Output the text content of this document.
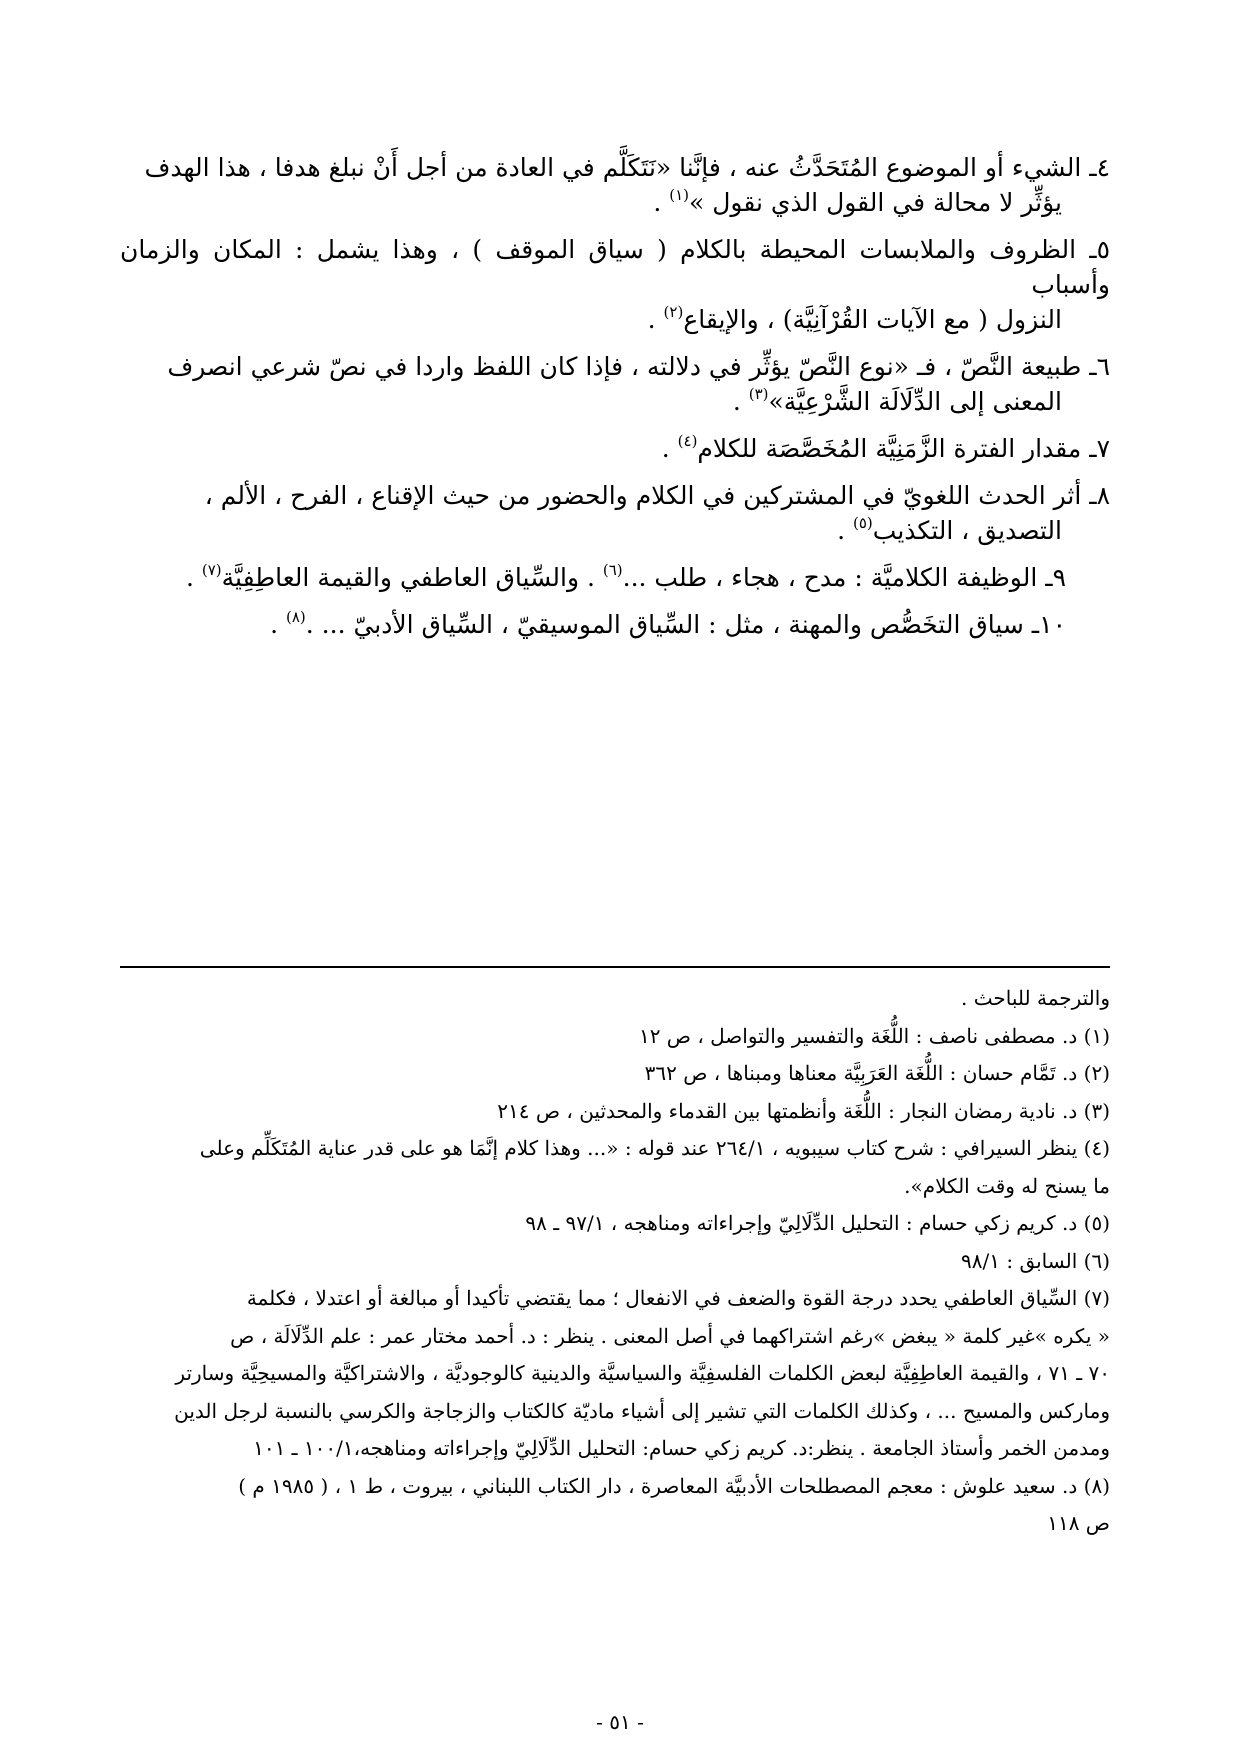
٤ـ الشيء أو الموضوع المُتَحَدَّثُ عنه ، فإنَّنا «نَتَكَلَّم في العادة من أجل أَنْ نبلغ هدفا ، هذا الهدف
يؤثِّر لا محالة في القول الذي نقول »$^{(١)}$ .
٥ـ الظروف والملابسات المحيطة بالكلام ( سياق الموقف ) ، وهذا يشمل : المكان والزمان وأسباب
النزول ( مع الآيات القُرْآنِيَّة) ، والإيقاع$^{(٢)}$ .
٦ـ طبيعة النَّصّ ، فـ «نوع النَّصّ يؤثِّر في دلالته ، فإذا كان اللفظ واردا في نصّ شرعي انصرف
المعنى إلى الدِّلَالَة الشَّرْعِيَّة»$^{(٣)}$ .
٧ـ مقدار الفترة الزَّمَنِيَّة المُخَصَّصَة للكلام$^{(٤)}$ .
٨ـ أثر الحدث اللغويّ في المشتركين في الكلام والحضور من حيث الإقناع ، الفرح ، الألم ،
التصديق ، التكذيب$^{(٥)}$ .
٩ـ الوظيفة الكلاميَّة : مدح ، هجاء ، طلب ...$^{(٦)}$ . والسِّياق العاطفي والقيمة العاطِفِيَّة$^{(٧)}$ .
١٠ـ سياق التخَصُّص والمهنة ، مثل : السِّياق الموسيقيّ ، السِّياق الأدبيّ ... .$^{(٨)}$ .

والترجمة للباحث .

(١) د. مصطفى ناصف : اللُّغَة والتفسير والتواصل ، ص ١٢

(٢) د. تَمَّام حسان : اللُّغَة العَرَبِيَّة معناها ومبناها ، ص ٣٦٢

(٣) د. نادية رمضان النجار : اللُّغَة وأنظمتها بين القدماء والمحدثين ، ص ٢١٤

(٤) ينظر السيرافي : شرح كتاب سيبويه ، ٢٦٤/١ عند قوله : «... وهذا كلام إنَّمَا هو على قدر عناية المُتَكَلِّم وعلى
ما يسنح له وقت الكلام».

(٥) د. كريم زكي حسام : التحليل الدِّلَالِيّ وإجراءاته ومناهجه ، ٩٧/١ ـ ٩٨

(٦) السابق : ٩٨/١

(٧) السِّياق العاطفي يحدد درجة القوة والضعف في الانفعال ؛ مما يقتضي تأكيدا أو مبالغة أو اعتدلا ، فكلمة
« يكره »غير كلمة « يبغض »رغم اشتراكهما في أصل المعنى . ينظر : د. أحمد مختار عمر : علم الدِّلَالَة ، ص
٧٠ ـ ٧١ ، والقيمة العاطِفِيَّة لبعض الكلمات الفلسفِيَّة والسياسيَّة والدينية كالوجوديَّة ، والاشتراكيَّة والمسيحِيَّة وسارتر
وماركس والمسيح ... ، وكذلك الكلمات التي تشير إلى أشياء ماديّة كالكتاب والزجاجة والكرسي بالنسبة لرجل الدين
ومدمن الخمر وأستاذ الجامعة . ينظر:د. كريم زكي حسام: التحليل الدِّلَالِيّ وإجراءاته ومناهجه،١٠٠/١ ـ ١٠١

(٨) د. سعيد علوش : معجم المصطلحات الأدبيَّة المعاصرة ، دار الكتاب اللبناني ، بيروت ، ط ١ ، ( ١٩٨٥ م )
ص ١١٨

- ٥١ -
